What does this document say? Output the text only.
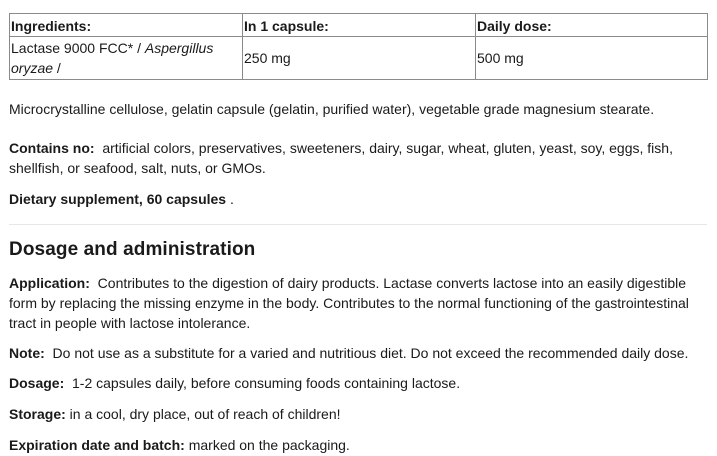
Ingredients:	In 1 capsule:	Daily dose:
Lactase 9000 FCC* / Aspergillus oryzae /	250 mg	500 mg
Microcrystalline cellulose, gelatin capsule (gelatin, purified water), vegetable grade magnesium stearate.
Contains no:  artificial colors, preservatives, sweeteners, dairy, sugar, wheat, gluten, yeast, soy, eggs, fish, shellfish, or seafood, salt, nuts, or GMOs.
Dietary supplement, 60 capsules .
Dosage and administration
Application:  Contributes to the digestion of dairy products. Lactase converts lactose into an easily digestible form by replacing the missing enzyme in the body. Contributes to the normal functioning of the gastrointestinal tract in people with lactose intolerance.
Note:  Do not use as a substitute for a varied and nutritious diet. Do not exceed the recommended daily dose.
Dosage:  1-2 capsules daily, before consuming foods containing lactose.
Storage: in a cool, dry place, out of reach of children!
Expiration date and batch: marked on the packaging.
